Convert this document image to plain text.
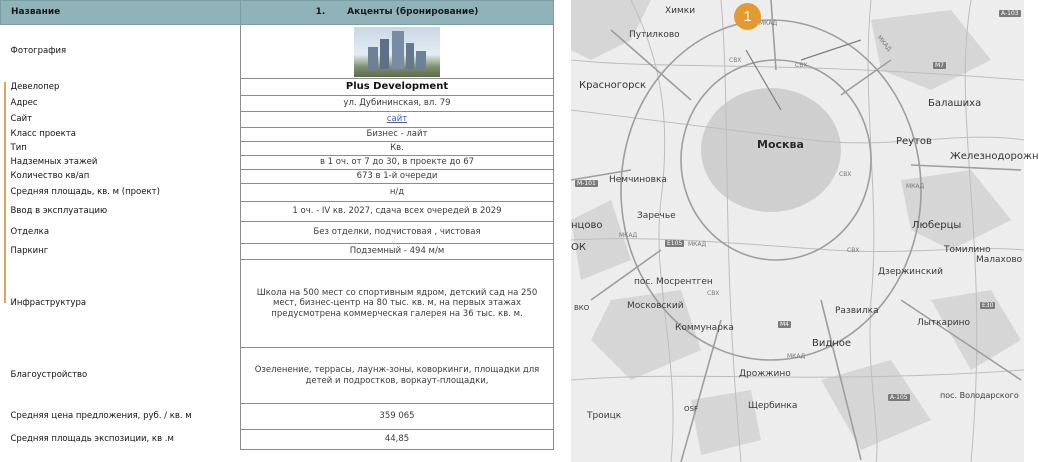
Название	1.       Акценты (бронирование)
Фотография	

Девелопер	Plus Development
Адрес	ул. Дубининская, вл. 79
Сайт	сайт
Класс проекта	Бизнес - лайт
Тип	Кв.
Надземных этажей	в 1 оч. от 7 до 30, в проекте до 67
Количество кв/ап	673 в 1-й очереди
Средняя площадь, кв. м (проект)	н/д
Ввод в эксплуатацию	1 оч. - IV кв. 2027, сдача всех очередей в 2029
Отделка	Без отделки, подчистовая , чистовая
Паркинг	Подземный - 494 м/м
Инфраструктура	Школа на 500 мест со спортивным ядром, детский сад на 250 мест, бизнес-центр на 80 тыс. кв. м, на первых этажах предусмотрена коммерческая галерея на 36 тыс. кв. м.
Благоустройство	Озеленение, террасы, лаунж-зоны, коворкинги, площадки для детей и подростков, воркаут-площадки,
Средняя цена предложения, руб. / кв. м	359 065
Средняя площадь экспозиции, кв .м	44,85
Химки
Путилково
Красногорск
Балашиха
Москва	Реутов
Железнодорожн
Немчиновка
Заречье
нцово
ОК
Люберцы
Томилино
Малахово
Дзержинский
пос. Мосрентген
Московский	Развилка
Лыткарино
ВКО
Коммунарка
Видное
Дрожжино
Троицк
OSF	Щербинка
пос. Володарского
МКАД
МКАД
СВХ
СВХ
МКАД
СВХ
СВХ
МКАД
МКАД
МКАД
СВХ
A-103
М7
E105
E30
A-105
М4
M-101
1
